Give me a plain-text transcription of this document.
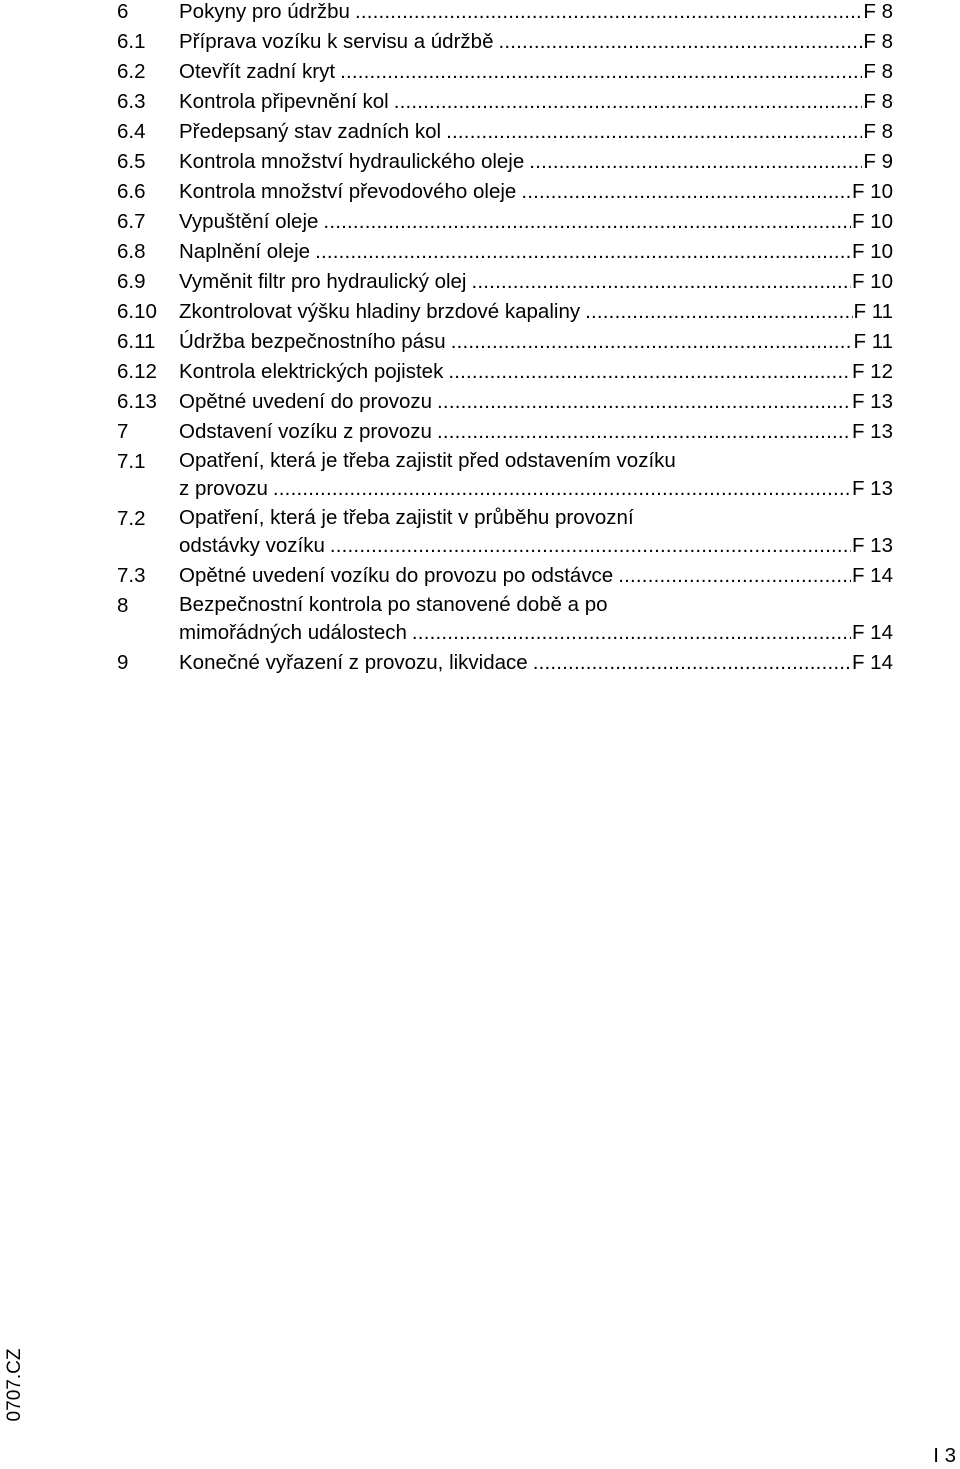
6	Pokyny pro údržbu .....	F 8
6.1	Příprava vozíku k servisu a údržbě .....	F 8
6.2	Otevřít zadní kryt .....	F 8
6.3	Kontrola připevnění kol .....	F 8
6.4	Předepsaný stav zadních kol .....	F 8
6.5	Kontrola množství hydraulického oleje .....	F 9
6.6	Kontrola množství převodového oleje .....	F 10
6.7	Vypuštění oleje .....	F 10
6.8	Naplnění oleje .....	F 10
6.9	Vyměnit filtr pro hydraulický olej .....	F 10
6.10	Zkontrolovat výšku hladiny brzdové kapaliny .....	F 11
6.11	Údržba bezpečnostního pásu .....	F 11
6.12	Kontrola elektrických pojistek .....	F 12
6.13	Opětné uvedení do provozu .....	F 13
7	Odstavení vozíku z provozu .....	F 13
7.1	Opatření, která je třeba zajistit před odstavením vozíku
z provozu .....	F 13
7.2	Opatření, která je třeba zajistit v průběhu provozní
odstávky vozíku .....	F 13
7.3	Opětné uvedení vozíku do provozu po odstávce .....	F 14
8	Bezpečnostní kontrola po stanovené době a po
mimořádných událostech .....	F 14
9	Konečné vyřazení z provozu, likvidace .....	F 14
0707.CZ
I 3
